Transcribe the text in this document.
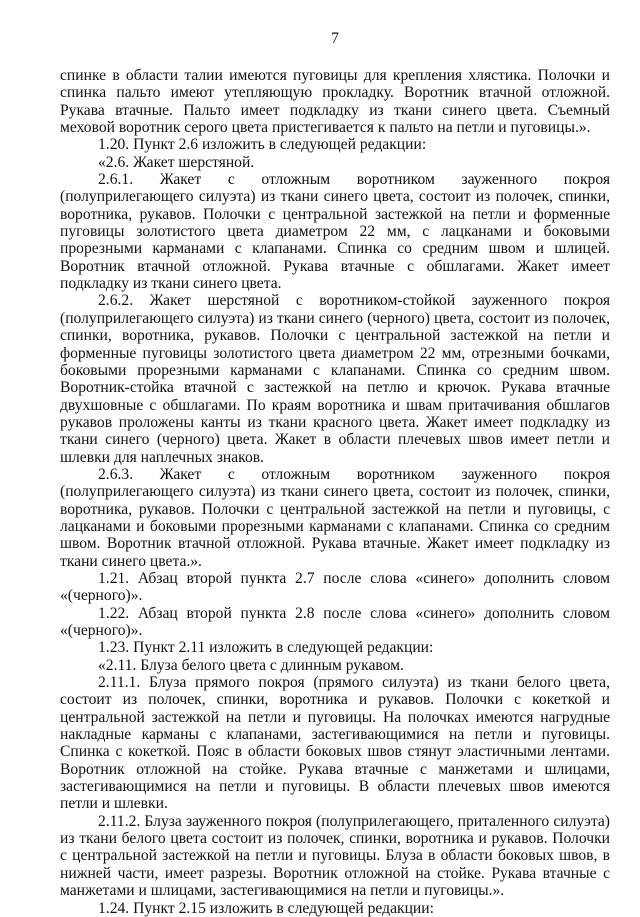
7

спинке в области талии имеются пуговицы для крепления хлястика. Полочки и спинка пальто имеют утепляющую прокладку. Воротник втачной отложной. Рукава втачные. Пальто имеет подкладку из ткани синего цвета. Съемный меховой воротник серого цвета пристегивается к пальто на петли и пуговицы.».

1.20. Пункт 2.6 изложить в следующей редакции:

«2.6. Жакет шерстяной.

2.6.1. Жакет с отложным воротником зауженного покроя (полуприлегающего силуэта) из ткани синего цвета, состоит из полочек, спинки, воротника, рукавов. Полочки с центральной застежкой на петли и форменные пуговицы золотистого цвета диаметром 22 мм, с лацканами и боковыми прорезными карманами с клапанами. Спинка со средним швом и шлицей. Воротник втачной отложной. Рукава втачные с обшлагами. Жакет имеет подкладку из ткани синего цвета.

2.6.2. Жакет шерстяной с воротником-стойкой зауженного покроя (полуприлегающего силуэта) из ткани синего (черного) цвета, состоит из полочек, спинки, воротника, рукавов. Полочки с центральной застежкой на петли и форменные пуговицы золотистого цвета диаметром 22 мм, отрезными бочками, боковыми прорезными карманами с клапанами. Спинка со средним швом. Воротник-стойка втачной с застежкой на петлю и крючок. Рукава втачные двухшовные с обшлагами. По краям воротника и швам притачивания обшлагов рукавов проложены канты из ткани красного цвета. Жакет имеет подкладку из ткани синего (черного) цвета. Жакет в области плечевых швов имеет петли и шлевки для наплечных знаков.

2.6.3. Жакет с отложным воротником зауженного покроя (полуприлегающего силуэта) из ткани синего цвета, состоит из полочек, спинки, воротника, рукавов. Полочки с центральной застежкой на петли и пуговицы, с лацканами и боковыми прорезными карманами с клапанами. Спинка со средним швом. Воротник втачной отложной. Рукава втачные. Жакет имеет подкладку из ткани синего цвета.».

1.21. Абзац второй пункта 2.7 после слова «синего» дополнить словом «(черного)».

1.22. Абзац второй пункта 2.8 после слова «синего» дополнить словом «(черного)».

1.23. Пункт 2.11 изложить в следующей редакции:

«2.11. Блуза белого цвета с длинным рукавом.

2.11.1. Блуза прямого покроя (прямого силуэта) из ткани белого цвета, состоит из полочек, спинки, воротника и рукавов. Полочки с кокеткой и центральной застежкой на петли и пуговицы. На полочках имеются нагрудные накладные карманы с клапанами, застегивающимися на петли и пуговицы. Спинка с кокеткой. Пояс в области боковых швов стянут эластичными лентами. Воротник отложной на стойке. Рукава втачные с манжетами и шлицами, застегивающимися на петли и пуговицы. В области плечевых швов имеются петли и шлевки.

2.11.2. Блуза зауженного покроя (полуприлегающего, приталенного силуэта) из ткани белого цвета состоит из полочек, спинки, воротника и рукавов. Полочки с центральной застежкой на петли и пуговицы. Блуза в области боковых швов, в нижней части, имеет разрезы. Воротник отложной на стойке. Рукава втачные с манжетами и шлицами, застегивающимися на петли и пуговицы.».

1.24. Пункт 2.15 изложить в следующей редакции:
